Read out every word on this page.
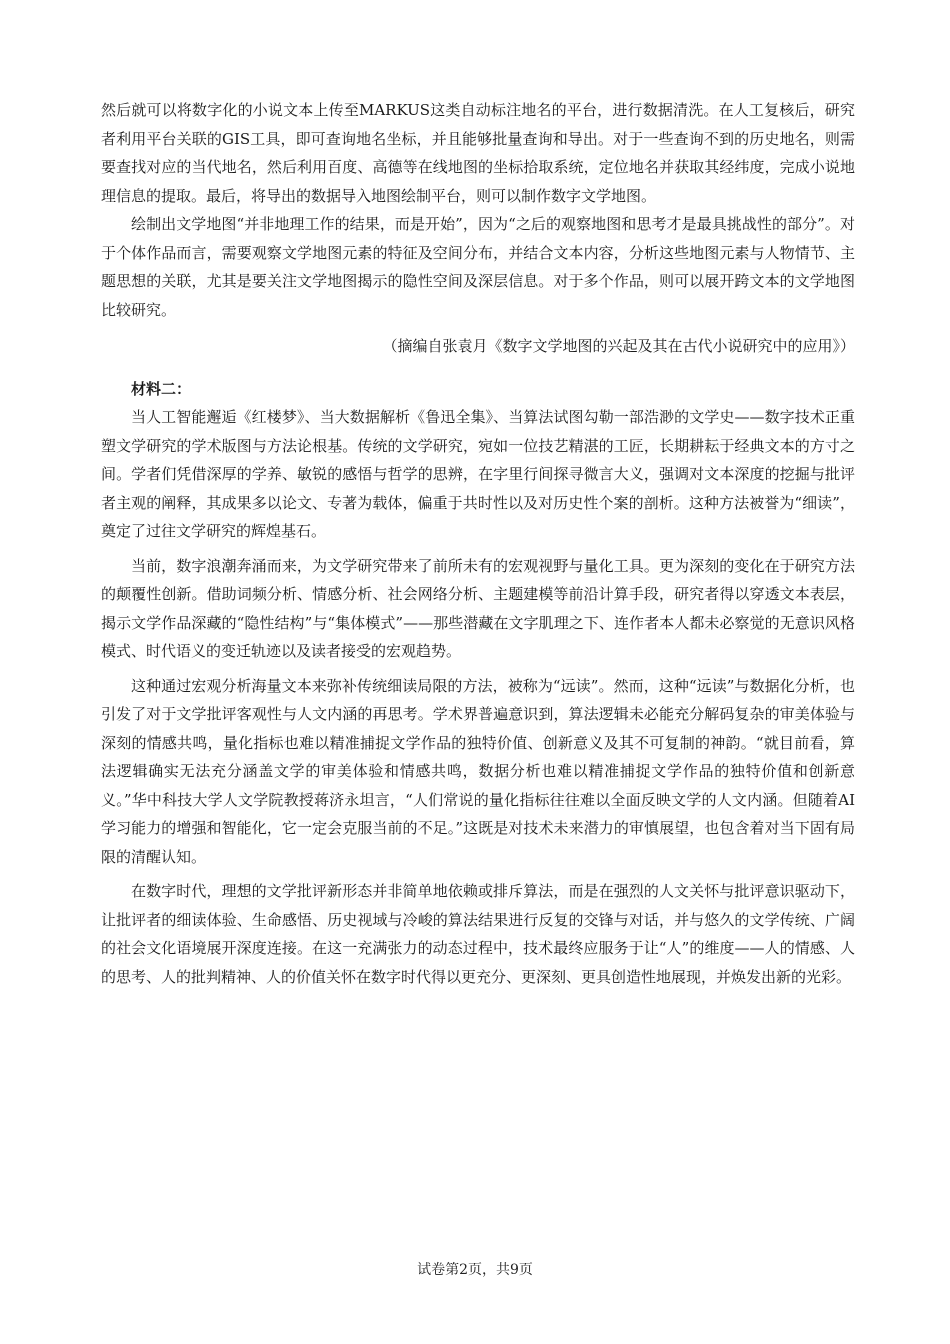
然后就可以将数字化的小说文本上传至MARKUS这类自动标注地名的平台，进行数据清洗。在人工复核后，研究者利用平台关联的GIS工具，即可查询地名坐标，并且能够批量查询和导出。对于一些查询不到的历史地名，则需要查找对应的当代地名，然后利用百度、高德等在线地图的坐标拾取系统，定位地名并获取其经纬度，完成小说地理信息的提取。最后，将导出的数据导入地图绘制平台，则可以制作数字文学地图。

绘制出文学地图“并非地理工作的结果，而是开始”，因为“之后的观察地图和思考才是最具挑战性的部分”。对于个体作品而言，需要观察文学地图元素的特征及空间分布，并结合文本内容，分析这些地图元素与人物情节、主题思想的关联，尤其是要关注文学地图揭示的隐性空间及深层信息。对于多个作品，则可以展开跨文本的文学地图比较研究。

（摘编自张袁月《数字文学地图的兴起及其在古代小说研究中的应用》）

材料二：

当人工智能邂逅《红楼梦》、当大数据解析《鲁迅全集》、当算法试图勾勒一部浩渺的文学史——数字技术正重塑文学研究的学术版图与方法论根基。传统的文学研究，宛如一位技艺精湛的工匠，长期耕耘于经典文本的方寸之间。学者们凭借深厚的学养、敏锐的感悟与哲学的思辨，在字里行间探寻微言大义，强调对文本深度的挖掘与批评者主观的阐释，其成果多以论文、专著为载体，偏重于共时性以及对历史性个案的剖析。这种方法被誉为“细读”，奠定了过往文学研究的辉煌基石。

当前，数字浪潮奔涌而来，为文学研究带来了前所未有的宏观视野与量化工具。更为深刻的变化在于研究方法的颠覆性创新。借助词频分析、情感分析、社会网络分析、主题建模等前沿计算手段，研究者得以穿透文本表层，揭示文学作品深藏的“隐性结构”与“集体模式”——那些潜藏在文字肌理之下、连作者本人都未必察觉的无意识风格模式、时代语义的变迁轨迹以及读者接受的宏观趋势。

这种通过宏观分析海量文本来弥补传统细读局限的方法，被称为“远读”。然而，这种“远读”与数据化分析，也引发了对于文学批评客观性与人文内涵的再思考。学术界普遍意识到，算法逻辑未必能充分解码复杂的审美体验与深刻的情感共鸣，量化指标也难以精准捕捉文学作品的独特价值、创新意义及其不可复制的神韵。“就目前看，算法逻辑确实无法充分涵盖文学的审美体验和情感共鸣，数据分析也难以精准捕捉文学作品的独特价值和创新意义。”华中科技大学人文学院教授蒋济永坦言，“人们常说的量化指标往往难以全面反映文学的人文内涵。但随着AI学习能力的增强和智能化，它一定会克服当前的不足。”这既是对技术未来潜力的审慎展望，也包含着对当下固有局限的清醒认知。

在数字时代，理想的文学批评新形态并非简单地依赖或排斥算法，而是在强烈的人文关怀与批评意识驱动下，让批评者的细读体验、生命感悟、历史视域与冷峻的算法结果进行反复的交锋与对话，并与悠久的文学传统、广阔的社会文化语境展开深度连接。在这一充满张力的动态过程中，技术最终应服务于让“人”的维度——人的情感、人的思考、人的批判精神、人的价值关怀在数字时代得以更充分、更深刻、更具创造性地展现，并焕发出新的光彩。

试卷第2页，共9页
